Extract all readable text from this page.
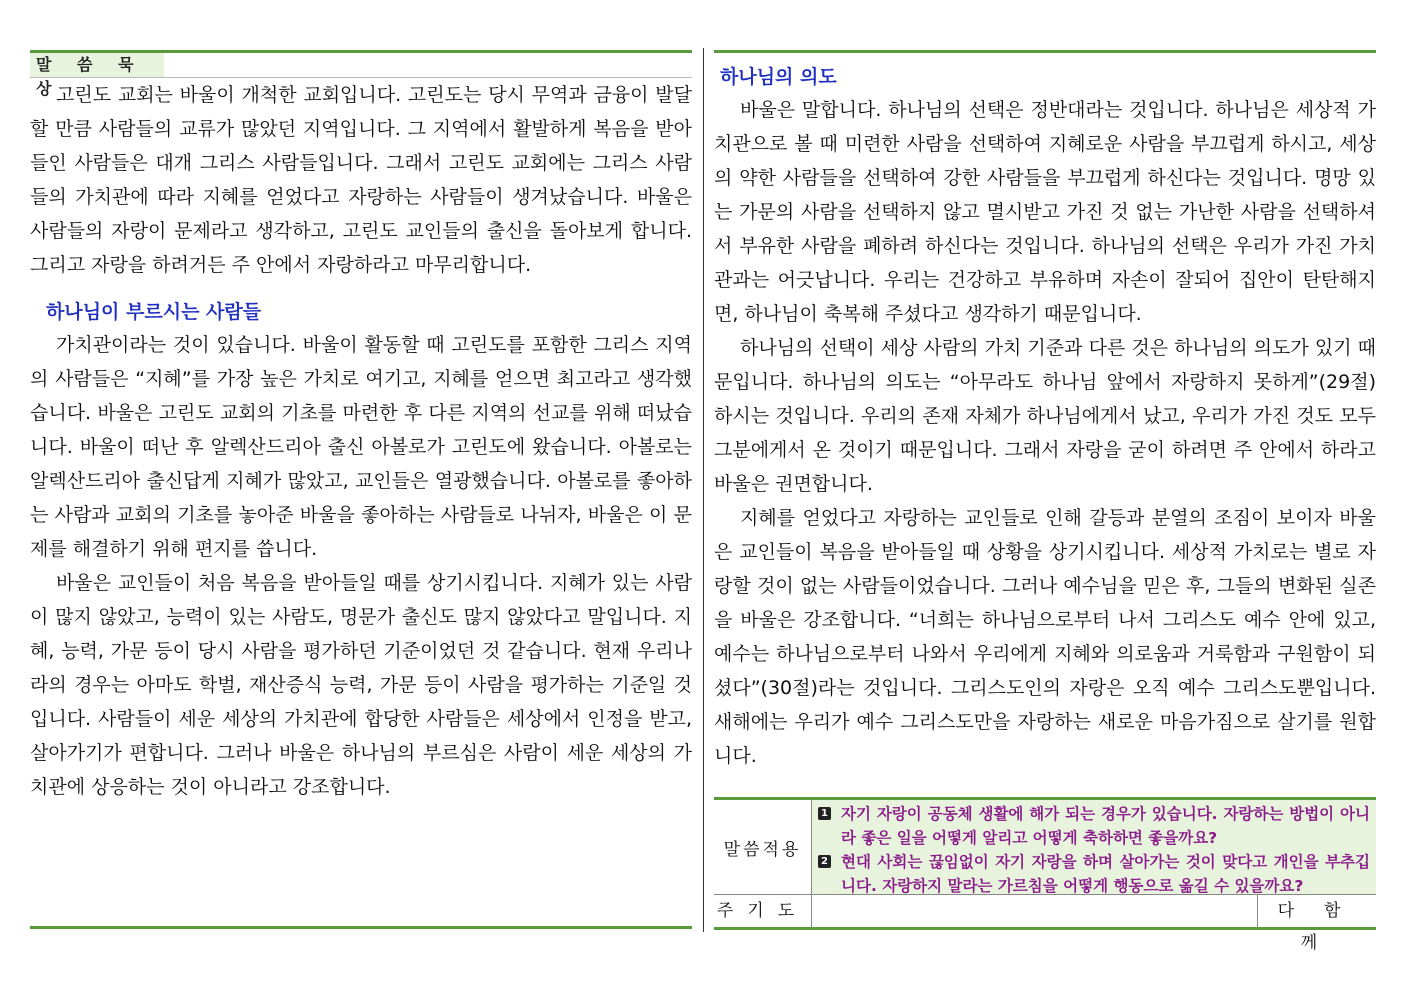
말 씀 묵 상

고린도 교회는 바울이 개척한 교회입니다. 고린도는 당시 무역과 금융이 발달할 만큼 사람들의 교류가 많았던 지역입니다. 그 지역에서 활발하게 복음을 받아들인 사람들은 대개 그리스 사람들입니다. 그래서 고린도 교회에는 그리스 사람들의 가치관에 따라 지혜를 얻었다고 자랑하는 사람들이 생겨났습니다. 바울은 사람들의 자랑이 문제라고 생각하고, 고린도 교인들의 출신을 돌아보게 합니다. 그리고 자랑을 하려거든 주 안에서 자랑하라고 마무리합니다.

하나님이 부르시는 사람들

가치관이라는 것이 있습니다. 바울이 활동할 때 고린도를 포함한 그리스 지역의 사람들은 “지혜”를 가장 높은 가치로 여기고, 지혜를 얻으면 최고라고 생각했습니다. 바울은 고린도 교회의 기초를 마련한 후 다른 지역의 선교를 위해 떠났습니다. 바울이 떠난 후 알렉산드리아 출신 아볼로가 고린도에 왔습니다. 아볼로는 알렉산드리아 출신답게 지혜가 많았고, 교인들은 열광했습니다. 아볼로를 좋아하는 사람과 교회의 기초를 놓아준 바울을 좋아하는 사람들로 나뉘자, 바울은 이 문제를 해결하기 위해 편지를 씁니다.

바울은 교인들이 처음 복음을 받아들일 때를 상기시킵니다. 지혜가 있는 사람이 많지 않았고, 능력이 있는 사람도, 명문가 출신도 많지 않았다고 말입니다. 지혜, 능력, 가문 등이 당시 사람을 평가하던 기준이었던 것 같습니다. 현재 우리나라의 경우는 아마도 학벌, 재산증식 능력, 가문 등이 사람을 평가하는 기준일 것입니다. 사람들이 세운 세상의 가치관에 합당한 사람들은 세상에서 인정을 받고, 살아가기가 편합니다. 그러나 바울은 하나님의 부르심은 사람이 세운 세상의 가치관에 상응하는 것이 아니라고 강조합니다.

하나님의 의도

바울은 말합니다. 하나님의 선택은 정반대라는 것입니다. 하나님은 세상적 가치관으로 볼 때 미련한 사람을 선택하여 지혜로운 사람을 부끄럽게 하시고, 세상의 약한 사람들을 선택하여 강한 사람들을 부끄럽게 하신다는 것입니다. 명망 있는 가문의 사람을 선택하지 않고 멸시받고 가진 것 없는 가난한 사람을 선택하셔서 부유한 사람을 폐하려 하신다는 것입니다. 하나님의 선택은 우리가 가진 가치관과는 어긋납니다. 우리는 건강하고 부유하며 자손이 잘되어 집안이 탄탄해지면, 하나님이 축복해 주셨다고 생각하기 때문입니다.

하나님의 선택이 세상 사람의 가치 기준과 다른 것은 하나님의 의도가 있기 때문입니다. 하나님의 의도는 “아무라도 하나님 앞에서 자랑하지 못하게”(29절) 하시는 것입니다. 우리의 존재 자체가 하나님에게서 났고, 우리가 가진 것도 모두 그분에게서 온 것이기 때문입니다. 그래서 자랑을 굳이 하려면 주 안에서 하라고 바울은 권면합니다.

지혜를 얻었다고 자랑하는 교인들로 인해 갈등과 분열의 조짐이 보이자 바울은 교인들이 복음을 받아들일 때 상황을 상기시킵니다. 세상적 가치로는 별로 자랑할 것이 없는 사람들이었습니다. 그러나 예수님을 믿은 후, 그들의 변화된 실존을 바울은 강조합니다. “너희는 하나님으로부터 나서 그리스도 예수 안에 있고, 예수는 하나님으로부터 나와서 우리에게 지혜와 의로움과 거룩함과 구원함이 되셨다”(30절)라는 것입니다. 그리스도인의 자랑은 오직 예수 그리스도뿐입니다. 새해에는 우리가 예수 그리스도만을 자랑하는 새로운 마음가짐으로 살기를 원합니다.

말씀적용
1 자기 자랑이 공동체 생활에 해가 되는 경우가 있습니다. 자랑하는 방법이 아니라 좋은 일을 어떻게 알리고 어떻게 축하하면 좋을까요?
2 현대 사회는 끊임없이 자기 자랑을 하며 살아가는 것이 맞다고 개인을 부추깁니다. 자랑하지 말라는 가르침을 어떻게 행동으로 옮길 수 있을까요?
주기도	다함께
